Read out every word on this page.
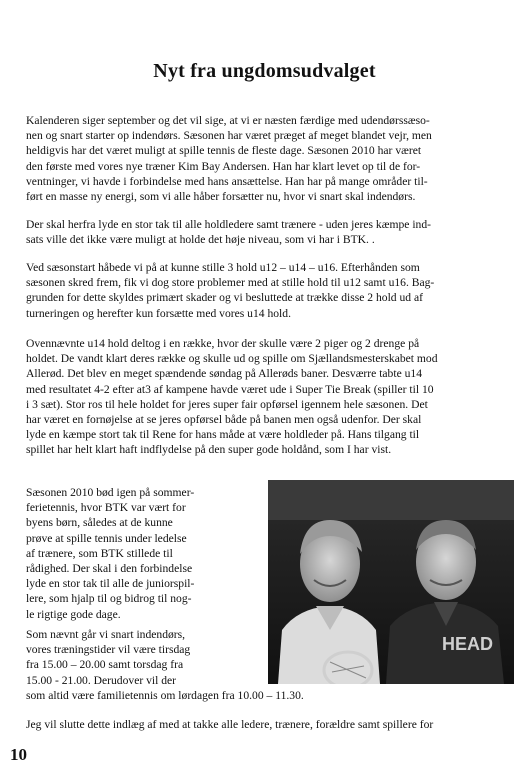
Nyt fra ungdomsudvalget
Kalenderen siger september og det vil sige, at vi er næsten færdige med udendørssæso-
nen og snart starter op indendørs. Sæsonen har været præget af meget blandet vejr, men
heldigvis har det været muligt at spille tennis de fleste dage. Sæsonen 2010 har været
den første med vores nye træner Kim Bay Andersen. Han har klart levet op til de for-
ventninger, vi havde i forbindelse med hans ansættelse. Han har på mange områder til-
ført en masse ny energi, som vi alle håber forsætter nu, hvor vi snart skal indendørs.
Der skal herfra lyde en stor tak til alle holdledere samt trænere - uden jeres kæmpe ind-
sats ville det ikke være muligt at holde det høje niveau, som vi har i BTK. .
Ved sæsonstart håbede vi på at kunne stille 3 hold u12 – u14 – u16. Efterhånden som
sæsonen skred frem, fik vi dog store problemer med at stille hold til u12 samt u16. Bag-
grunden for dette skyldes primært skader og vi besluttede at trække disse 2 hold ud af
turneringen og herefter kun forsætte med vores u14 hold.
Ovennævnte u14 hold deltog i en række, hvor der skulle være 2 piger og 2 drenge på
holdet. De vandt klart deres række og skulle ud og spille om Sjællandsmesterskabet mod
Allerød. Det blev en meget spændende søndag på Allerøds baner. Desværre tabte u14
med resultatet 4-2 efter at3 af kampene havde været ude i Super Tie Break (spiller til 10
i 3 sæt). Stor ros til hele holdet for jeres super fair opførsel igennem hele sæsonen. Det
har været en fornøjelse at se jeres opførsel både på banen men også udenfor. Der skal
lyde en kæmpe stort tak til Rene for hans måde at være holdleder på. Hans tilgang til
spillet har helt klart haft indflydelse på den super gode holdånd, som I har vist.
Sæsonen 2010 bød igen på sommer-
ferietennis, hvor BTK var vært for
byens børn, således at de kunne
prøve at spille tennis under ledelse
af trænere, som BTK stillede til
rådighed. Der skal i den forbindelse
lyde en stor tak til alle de juniorspil-
lere, som hjalp til og bidrog til nog-
le rigtige gode dage.
Som nævnt går vi snart indendørs,
vores træningstider vil være tirsdag
fra 15.00 – 20.00 samt torsdag fra
15.00 - 21.00. Derudover vil der
som altid være familietennis om lørdagen fra 10.00 – 11.30.
Jeg vil slutte dette indlæg af med at takke alle ledere, trænere, forældre samt spillere for
HEAD
10
